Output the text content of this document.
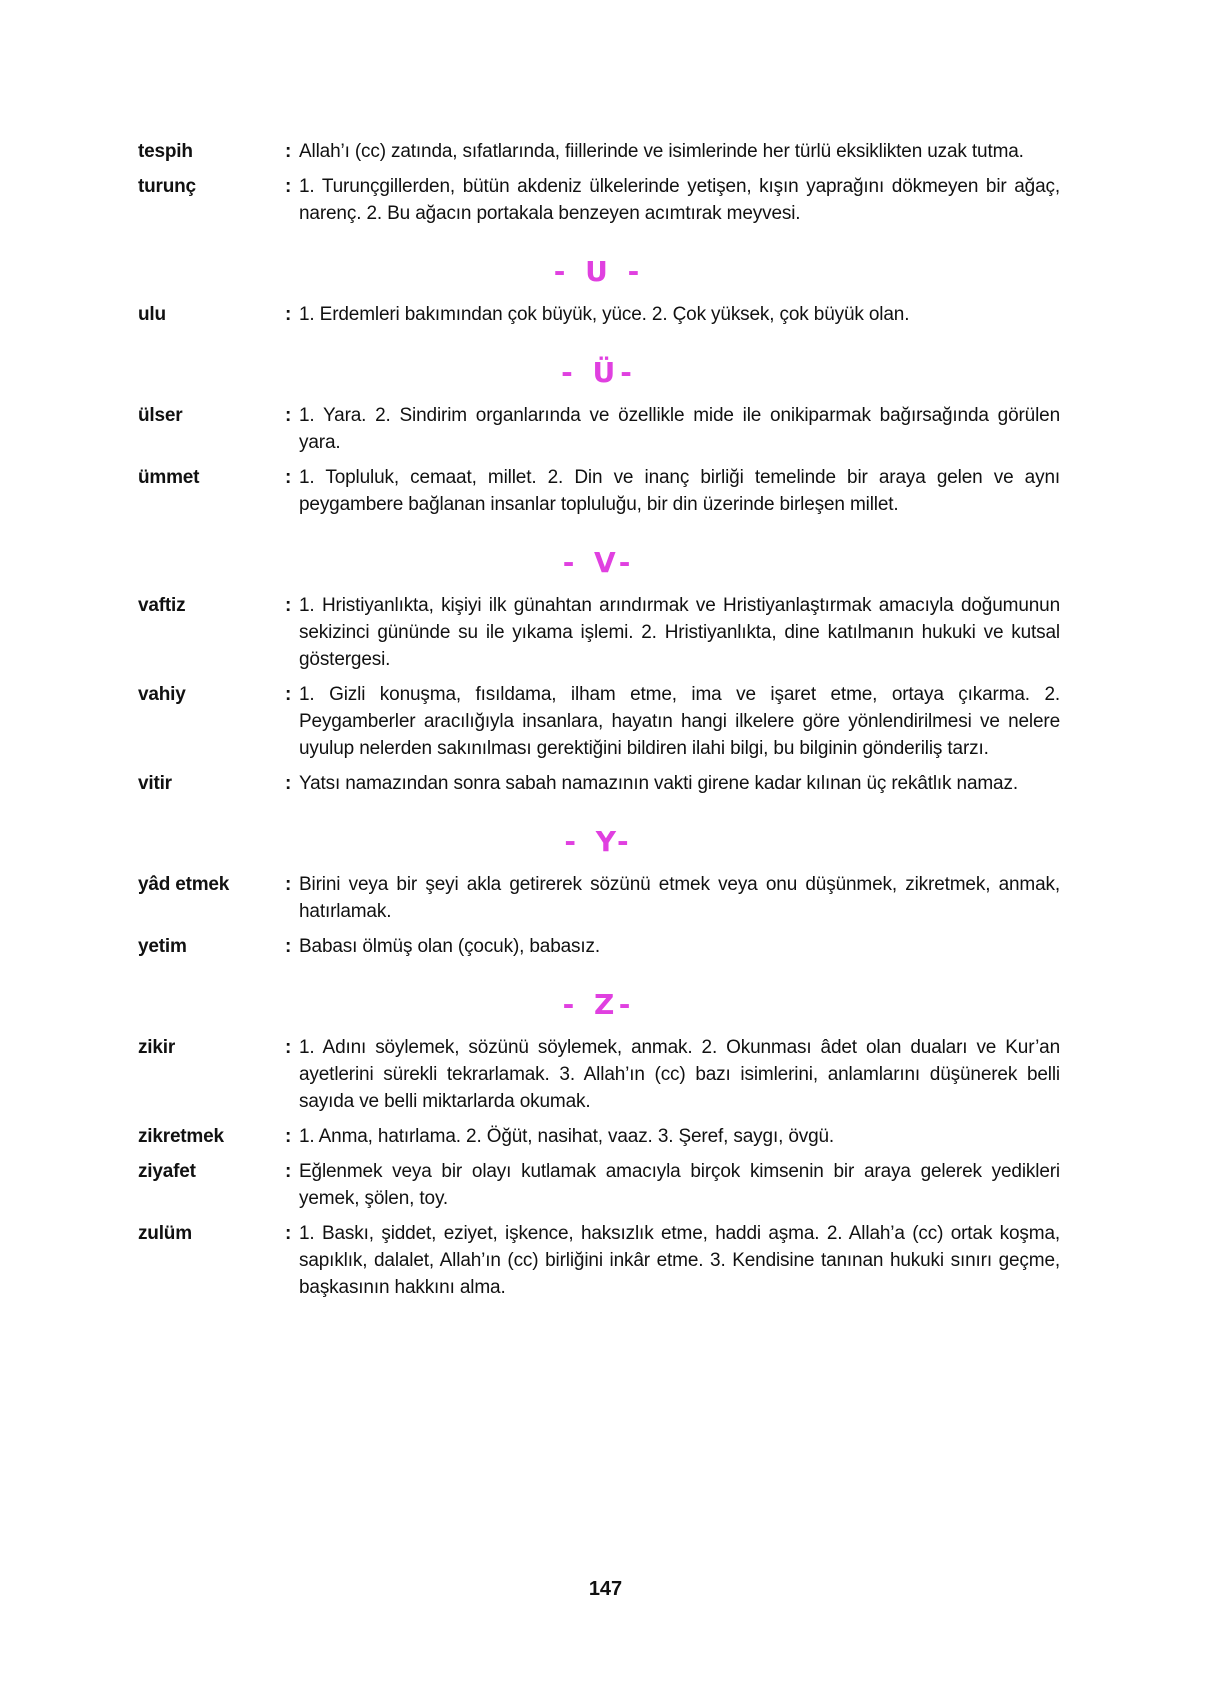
tespih	: Allah’ı (cc) zatında, sıfatlarında, fiillerinde ve isimlerinde her türlü eksiklikten uzak tutma.
turunç	: 1. Turunçgillerden, bütün akdeniz ülkelerinde yetişen, kışın yaprağını dökmeyen bir ağaç, narenç. 2. Bu ağacın portakala benzeyen acımtırak meyvesi.
- U -
ulu	: 1. Erdemleri bakımından çok büyük, yüce. 2. Çok yüksek, çok büyük olan.
- Ü-
ülser	: 1. Yara. 2. Sindirim organlarında ve özellikle mide ile onikiparmak bağırsağında görülen yara.
ümmet	: 1. Topluluk, cemaat, millet. 2. Din ve inanç birliği temelinde bir araya gelen ve aynı peygambere bağlanan insanlar topluluğu, bir din üzerinde birleşen millet.
- V-
vaftiz	: 1. Hristiyanlıkta, kişiyi ilk günahtan arındırmak ve Hristiyanlaştırmak amacıyla doğumunun sekizinci gününde su ile yıkama işlemi. 2. Hristiyanlıkta, dine katılmanın hukuki ve kutsal göstergesi.
vahiy	: 1. Gizli konuşma, fısıldama, ilham etme, ima ve işaret etme, ortaya çıkarma. 2. Peygamberler aracılığıyla insanlara, hayatın hangi ilkelere göre yönlendirilmesi ve nelere uyulup nelerden sakınılması gerektiğini bildiren ilahi bilgi, bu bilginin gönderiliş tarzı.
vitir	: Yatsı namazından sonra sabah namazının vakti girene kadar kılınan üç rekâtlık namaz.
- Y-
yâd etmek	: Birini veya bir şeyi akla getirerek sözünü etmek veya onu düşünmek, zikretmek, anmak, hatırlamak.
yetim	: Babası ölmüş olan (çocuk), babasız.
- Z-
zikir	: 1. Adını söylemek, sözünü söylemek, anmak. 2. Okunması âdet olan duaları ve Kur’an ayetlerini sürekli tekrarlamak. 3. Allah’ın (cc) bazı isimlerini, anlamlarını düşünerek belli sayıda ve belli miktarlarda okumak.
zikretmek	: 1. Anma, hatırlama. 2. Öğüt, nasihat, vaaz. 3. Şeref, saygı, övgü.
ziyafet	: Eğlenmek veya bir olayı kutlamak amacıyla birçok kimsenin bir araya gelerek yedikleri yemek, şölen, toy.
zulüm	: 1. Baskı, şiddet, eziyet, işkence, haksızlık etme, haddi aşma. 2. Allah’a (cc) ortak koşma, sapıklık, dalalet, Allah’ın (cc) birliğini inkâr etme. 3. Kendisine tanınan hukuki sınırı geçme, başkasının hakkını alma.
147
